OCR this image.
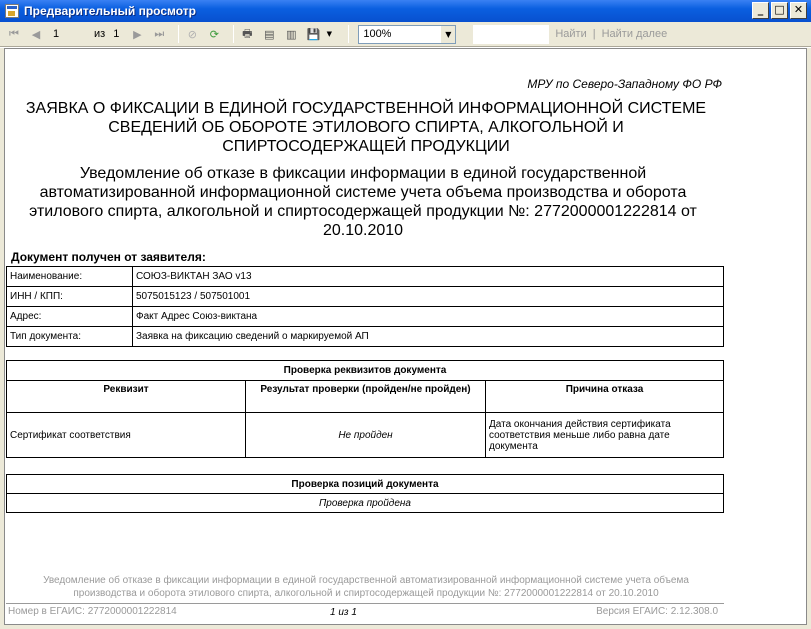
Предварительный просмотр	_	□ ✕
⏮	◀
1	из 1	▶	⏭	⊘	⟳	🖶 ▤ ▥ 💾 ▼	100%	▼	Найти | Найти далее
МРУ по Северо-Западному ФО РФ
ЗАЯВКА О ФИКСАЦИИ В ЕДИНОЙ ГОСУДАРСТВЕННОЙ ИНФОРМАЦИОННОЙ СИСТЕМЕ СВЕДЕНИЙ ОБ ОБОРОТЕ ЭТИЛОВОГО СПИРТА, АЛКОГОЛЬНОЙ И СПИРТОСОДЕРЖАЩЕЙ ПРОДУКЦИИ
Уведомление об отказе в фиксации информации в единой государственной автоматизированной информационной системе учета объема производства и оборота этилового спирта, алкогольной и спиртосодержащей продукции №: 2772000001222814 от 20.10.2010
Документ получен от заявителя:
Наименование:	СОЮЗ-ВИКТАН ЗАО v13
ИНН / КПП:	5075015123 / 507501001
Адрес:	Факт Адрес Союз-виктана
Тип документа:	Заявка на фиксацию сведений о маркируемой АП
Проверка реквизитов документа		
Реквизит	Результат проверки (пройден/не пройден)	Причина отказа
Сертификат соответствия	Не пройден	Дата окончания действия сертификата соответствия меньше либо равна дате документа
Проверка позиций документа
Проверка пройдена
Уведомление об отказе в фиксации информации в единой государственной автоматизированной информационной системе учета объема производства и оборота этилового спирта, алкогольной и спиртосодержащей продукции №: 2772000001222814 от 20.10.2010
Номер в ЕГАИС: 2772000001222814	1 из 1	Версия ЕГАИС: 2.12.308.0
